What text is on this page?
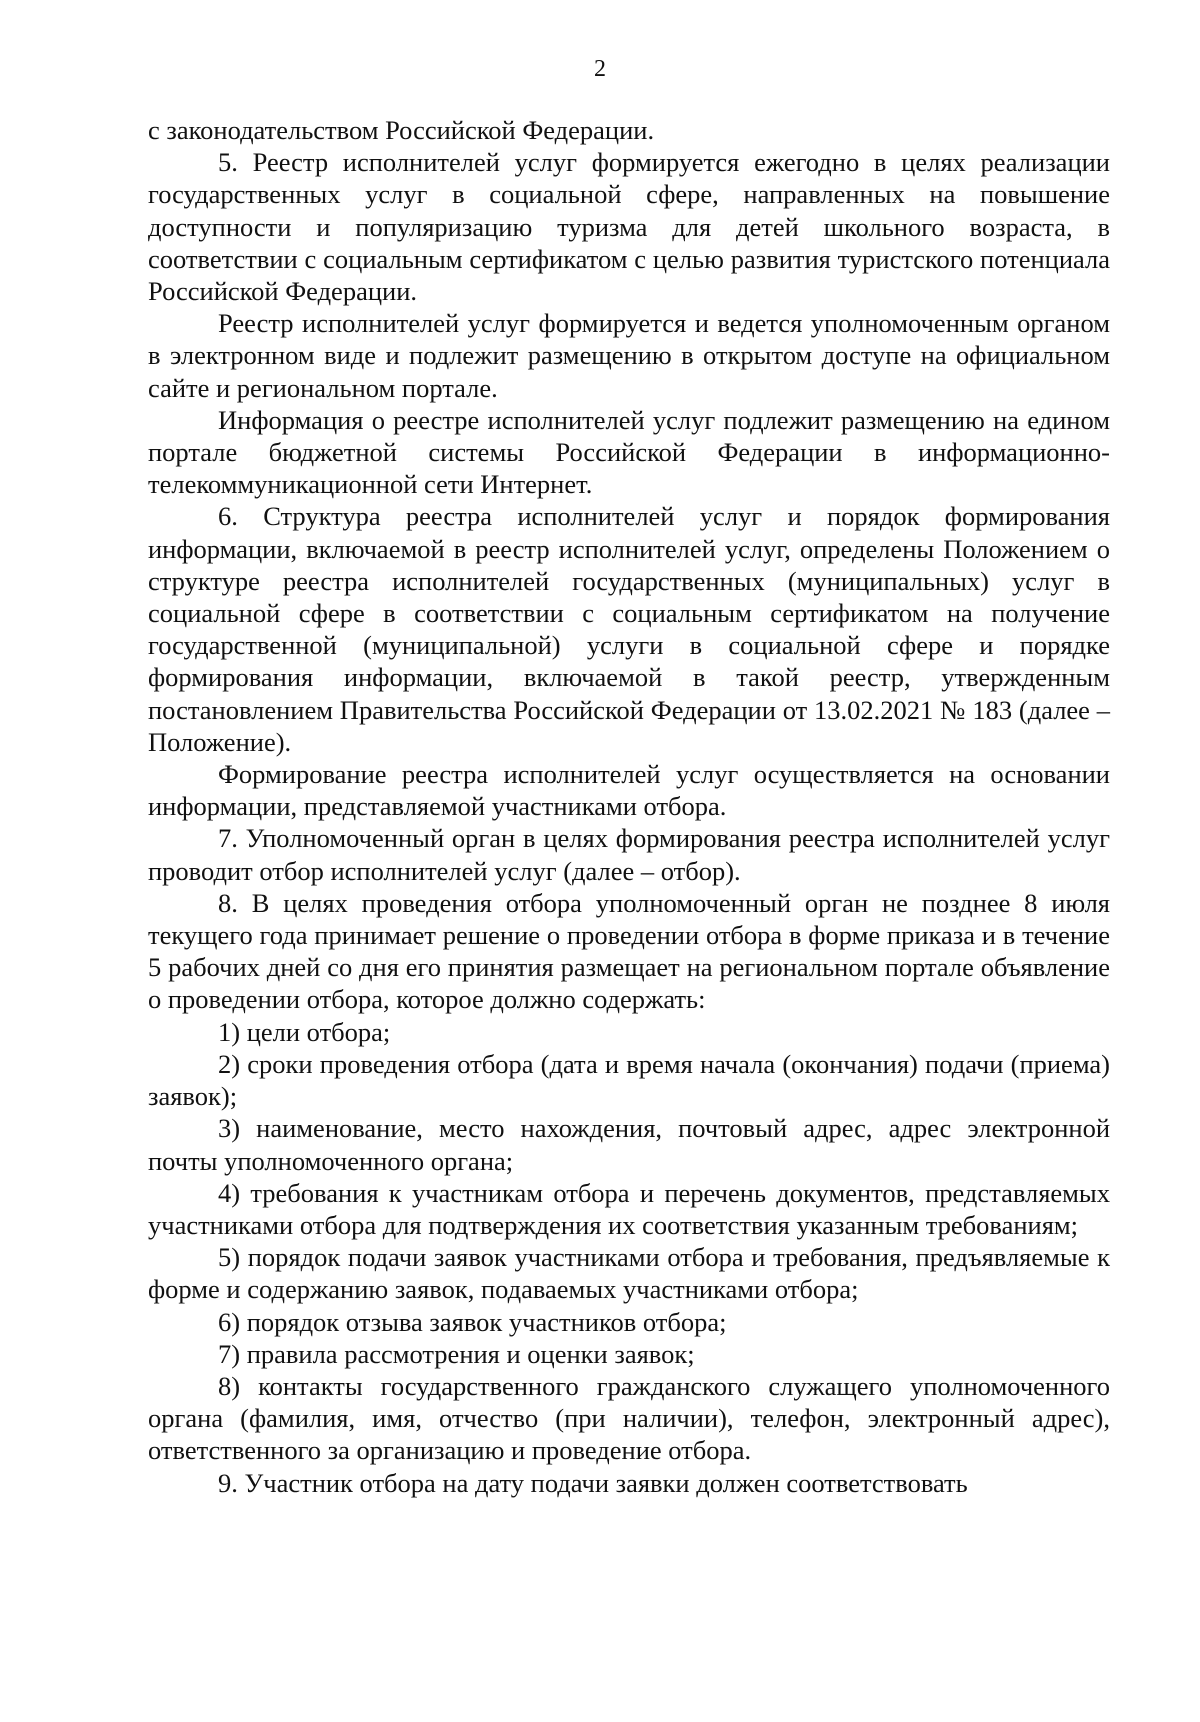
2

с законодательством Российской Федерации.

5. Реестр исполнителей услуг формируется ежегодно в целях реализации государственных услуг в социальной сфере, направленных на повышение доступности и популяризацию туризма для детей школьного возраста, в соответствии с социальным сертификатом с целью развития туристского потенциала Российской Федерации.

Реестр исполнителей услуг формируется и ведется уполномоченным органом в электронном виде и подлежит размещению в открытом доступе на официальном сайте и региональном портале.

Информация о реестре исполнителей услуг подлежит размещению на едином портале бюджетной системы Российской Федерации в информационно-телекоммуникационной сети Интернет.

6. Структура реестра исполнителей услуг и порядок формирования информации, включаемой в реестр исполнителей услуг, определены Положением о структуре реестра исполнителей государственных (муниципальных) услуг в социальной сфере в соответствии с социальным сертификатом на получение государственной (муниципальной) услуги в социальной сфере и порядке формирования информации, включаемой в такой реестр, утвержденным постановлением Правительства Российской Федерации от 13.02.2021 № 183 (далее – Положение).

Формирование реестра исполнителей услуг осуществляется на основании информации, представляемой участниками отбора.

7. Уполномоченный орган в целях формирования реестра исполнителей услуг проводит отбор исполнителей услуг (далее – отбор).

8. В целях проведения отбора уполномоченный орган не позднее 8 июля текущего года принимает решение о проведении отбора в форме приказа и в течение 5 рабочих дней со дня его принятия размещает на региональном портале объявление о проведении отбора, которое должно содержать:

1) цели отбора;

2) сроки проведения отбора (дата и время начала (окончания) подачи (приема) заявок);

3) наименование, место нахождения, почтовый адрес, адрес электронной почты уполномоченного органа;

4) требования к участникам отбора и перечень документов, представляемых участниками отбора для подтверждения их соответствия указанным требованиям;

5) порядок подачи заявок участниками отбора и требования, предъявляемые к форме и содержанию заявок, подаваемых участниками отбора;

6) порядок отзыва заявок участников отбора;

7) правила рассмотрения и оценки заявок;

8) контакты государственного гражданского служащего уполномоченного органа (фамилия, имя, отчество (при наличии), телефон, электронный адрес), ответственного за организацию и проведение отбора.

9. Участник отбора на дату подачи заявки должен соответствовать
